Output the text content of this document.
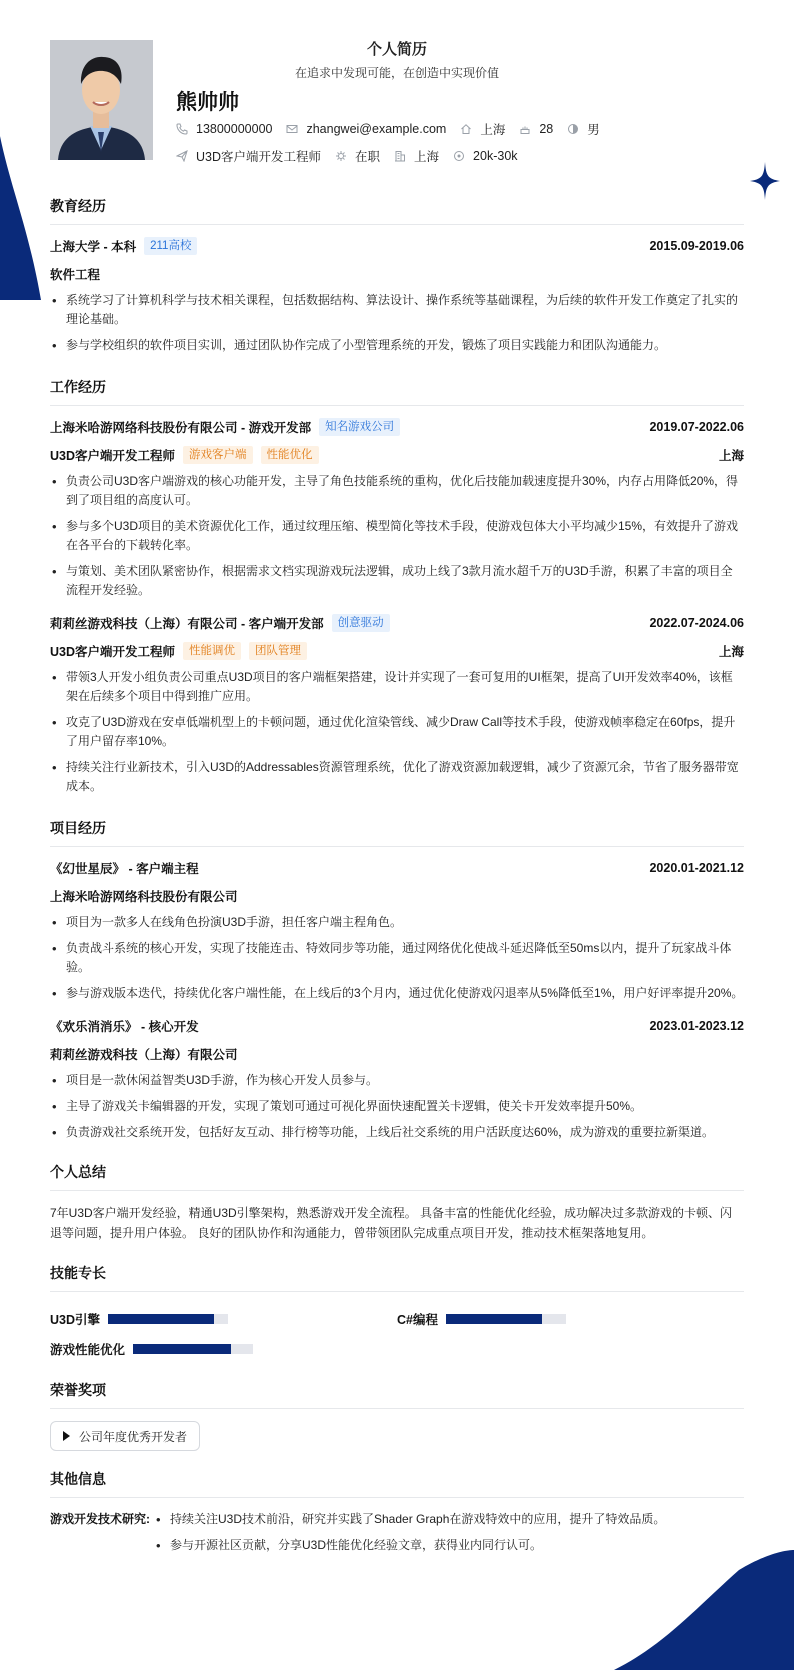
个人简历
在追求中发现可能，在创造中实现价值
熊帅帅
13800000000	zhangwei@example.com	上海	28	男
U3D客户端开发工程师	在职	上海	20k-30k
教育经历
上海大学 - 本科	211高校	2015.09-2019.06
软件工程
• 系统学习了计算机科学与技术相关课程，包括数据结构、算法设计、操作系统等基础课程，为后续的软件开发工作奠定了扎实的理论基础。
• 参与学校组织的软件项目实训，通过团队协作完成了小型管理系统的开发，锻炼了项目实践能力和团队沟通能力。
工作经历
上海米哈游网络科技股份有限公司 - 游戏开发部	知名游戏公司	2019.07-2022.06
U3D客户端开发工程师	游戏客户端	性能优化	上海
• 负责公司U3D客户端游戏的核心功能开发，主导了角色技能系统的重构，优化后技能加载速度提升30%，内存占用降低20%，得到了项目组的高度认可。
• 参与多个U3D项目的美术资源优化工作，通过纹理压缩、模型简化等技术手段，使游戏包体大小平均减少15%，有效提升了游戏在各平台的下载转化率。
• 与策划、美术团队紧密协作，根据需求文档实现游戏玩法逻辑，成功上线了3款月流水超千万的U3D手游，积累了丰富的项目全流程开发经验。
莉莉丝游戏科技（上海）有限公司 - 客户端开发部	创意驱动	2022.07-2024.06
U3D客户端开发工程师	性能调优	团队管理	上海
• 带领3人开发小组负责公司重点U3D项目的客户端框架搭建，设计并实现了一套可复用的UI框架，提高了UI开发效率40%，该框架在后续多个项目中得到推广应用。
• 攻克了U3D游戏在安卓低端机型上的卡顿问题，通过优化渲染管线、减少Draw Call等技术手段，使游戏帧率稳定在60fps，提升了用户留存率10%。
• 持续关注行业新技术，引入U3D的Addressables资源管理系统，优化了游戏资源加载逻辑，减少了资源冗余，节省了服务器带宽成本。
项目经历
《幻世星辰》 - 客户端主程	2020.01-2021.12
上海米哈游网络科技股份有限公司
• 项目为一款多人在线角色扮演U3D手游，担任客户端主程角色。
• 负责战斗系统的核心开发，实现了技能连击、特效同步等功能，通过网络优化使战斗延迟降低至50ms以内，提升了玩家战斗体验。
• 参与游戏版本迭代，持续优化客户端性能，在上线后的3个月内，通过优化使游戏闪退率从5%降低至1%，用户好评率提升20%。
《欢乐消消乐》 - 核心开发	2023.01-2023.12
莉莉丝游戏科技（上海）有限公司
• 项目是一款休闲益智类U3D手游，作为核心开发人员参与。
• 主导了游戏关卡编辑器的开发，实现了策划可通过可视化界面快速配置关卡逻辑，使关卡开发效率提升50%。
• 负责游戏社交系统开发，包括好友互动、排行榜等功能，上线后社交系统的用户活跃度达60%，成为游戏的重要拉新渠道。
个人总结
7年U3D客户端开发经验，精通U3D引擎架构，熟悉游戏开发全流程。 具备丰富的性能优化经验，成功解决过多款游戏的卡顿、闪退等问题，提升用户体验。 良好的团队协作和沟通能力，曾带领团队完成重点项目开发，推动技术框架落地复用。
技能专长
U3D引擎	C#编程
游戏性能优化
荣誉奖项
公司年度优秀开发者
其他信息
游戏开发技术研究:
•	持续关注U3D技术前沿，研究并实践了Shader Graph在游戏特效中的应用，提升了特效品质。
• 参与开源社区贡献，分享U3D性能优化经验文章，获得业内同行认可。
